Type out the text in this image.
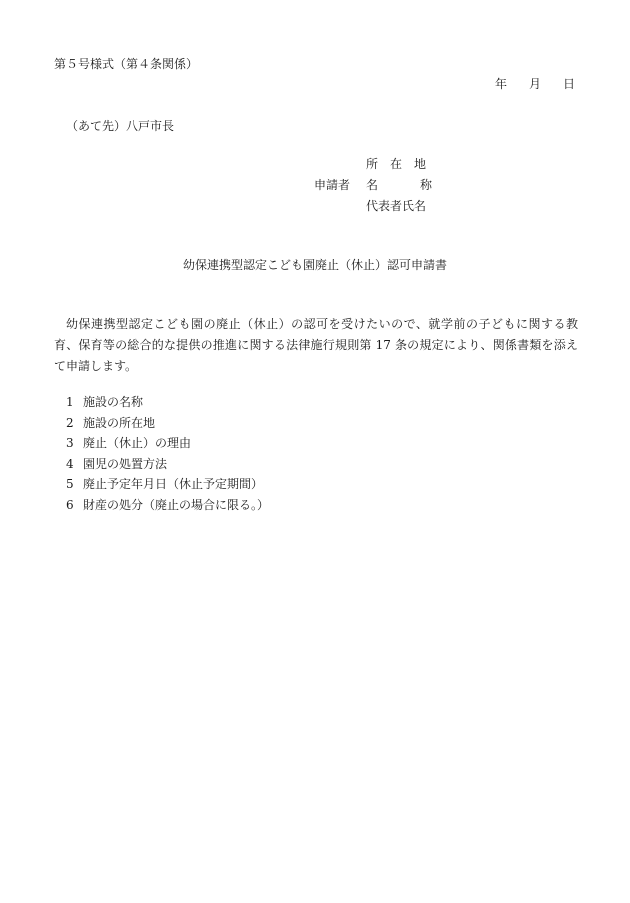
第５号様式（第４条関係）
年 月 日
（あて先）八戸市長
所在地
申請者 名	称
代表者氏名
幼保連携型認定こども園廃止（休止）認可申請書
幼保連携型認定こども園の廃止（休止）の認可を受けたいので、就学前の子どもに関する教育、保育等の総合的な提供の推進に関する法律施行規則第 17 条の規定により、関係書類を添えて申請します。
1 施設の名称
2 施設の所在地
3 廃止（休止）の理由
4 園児の処置方法
5 廃止予定年月日（休止予定期間）
6 財産の処分（廃止の場合に限る。）
